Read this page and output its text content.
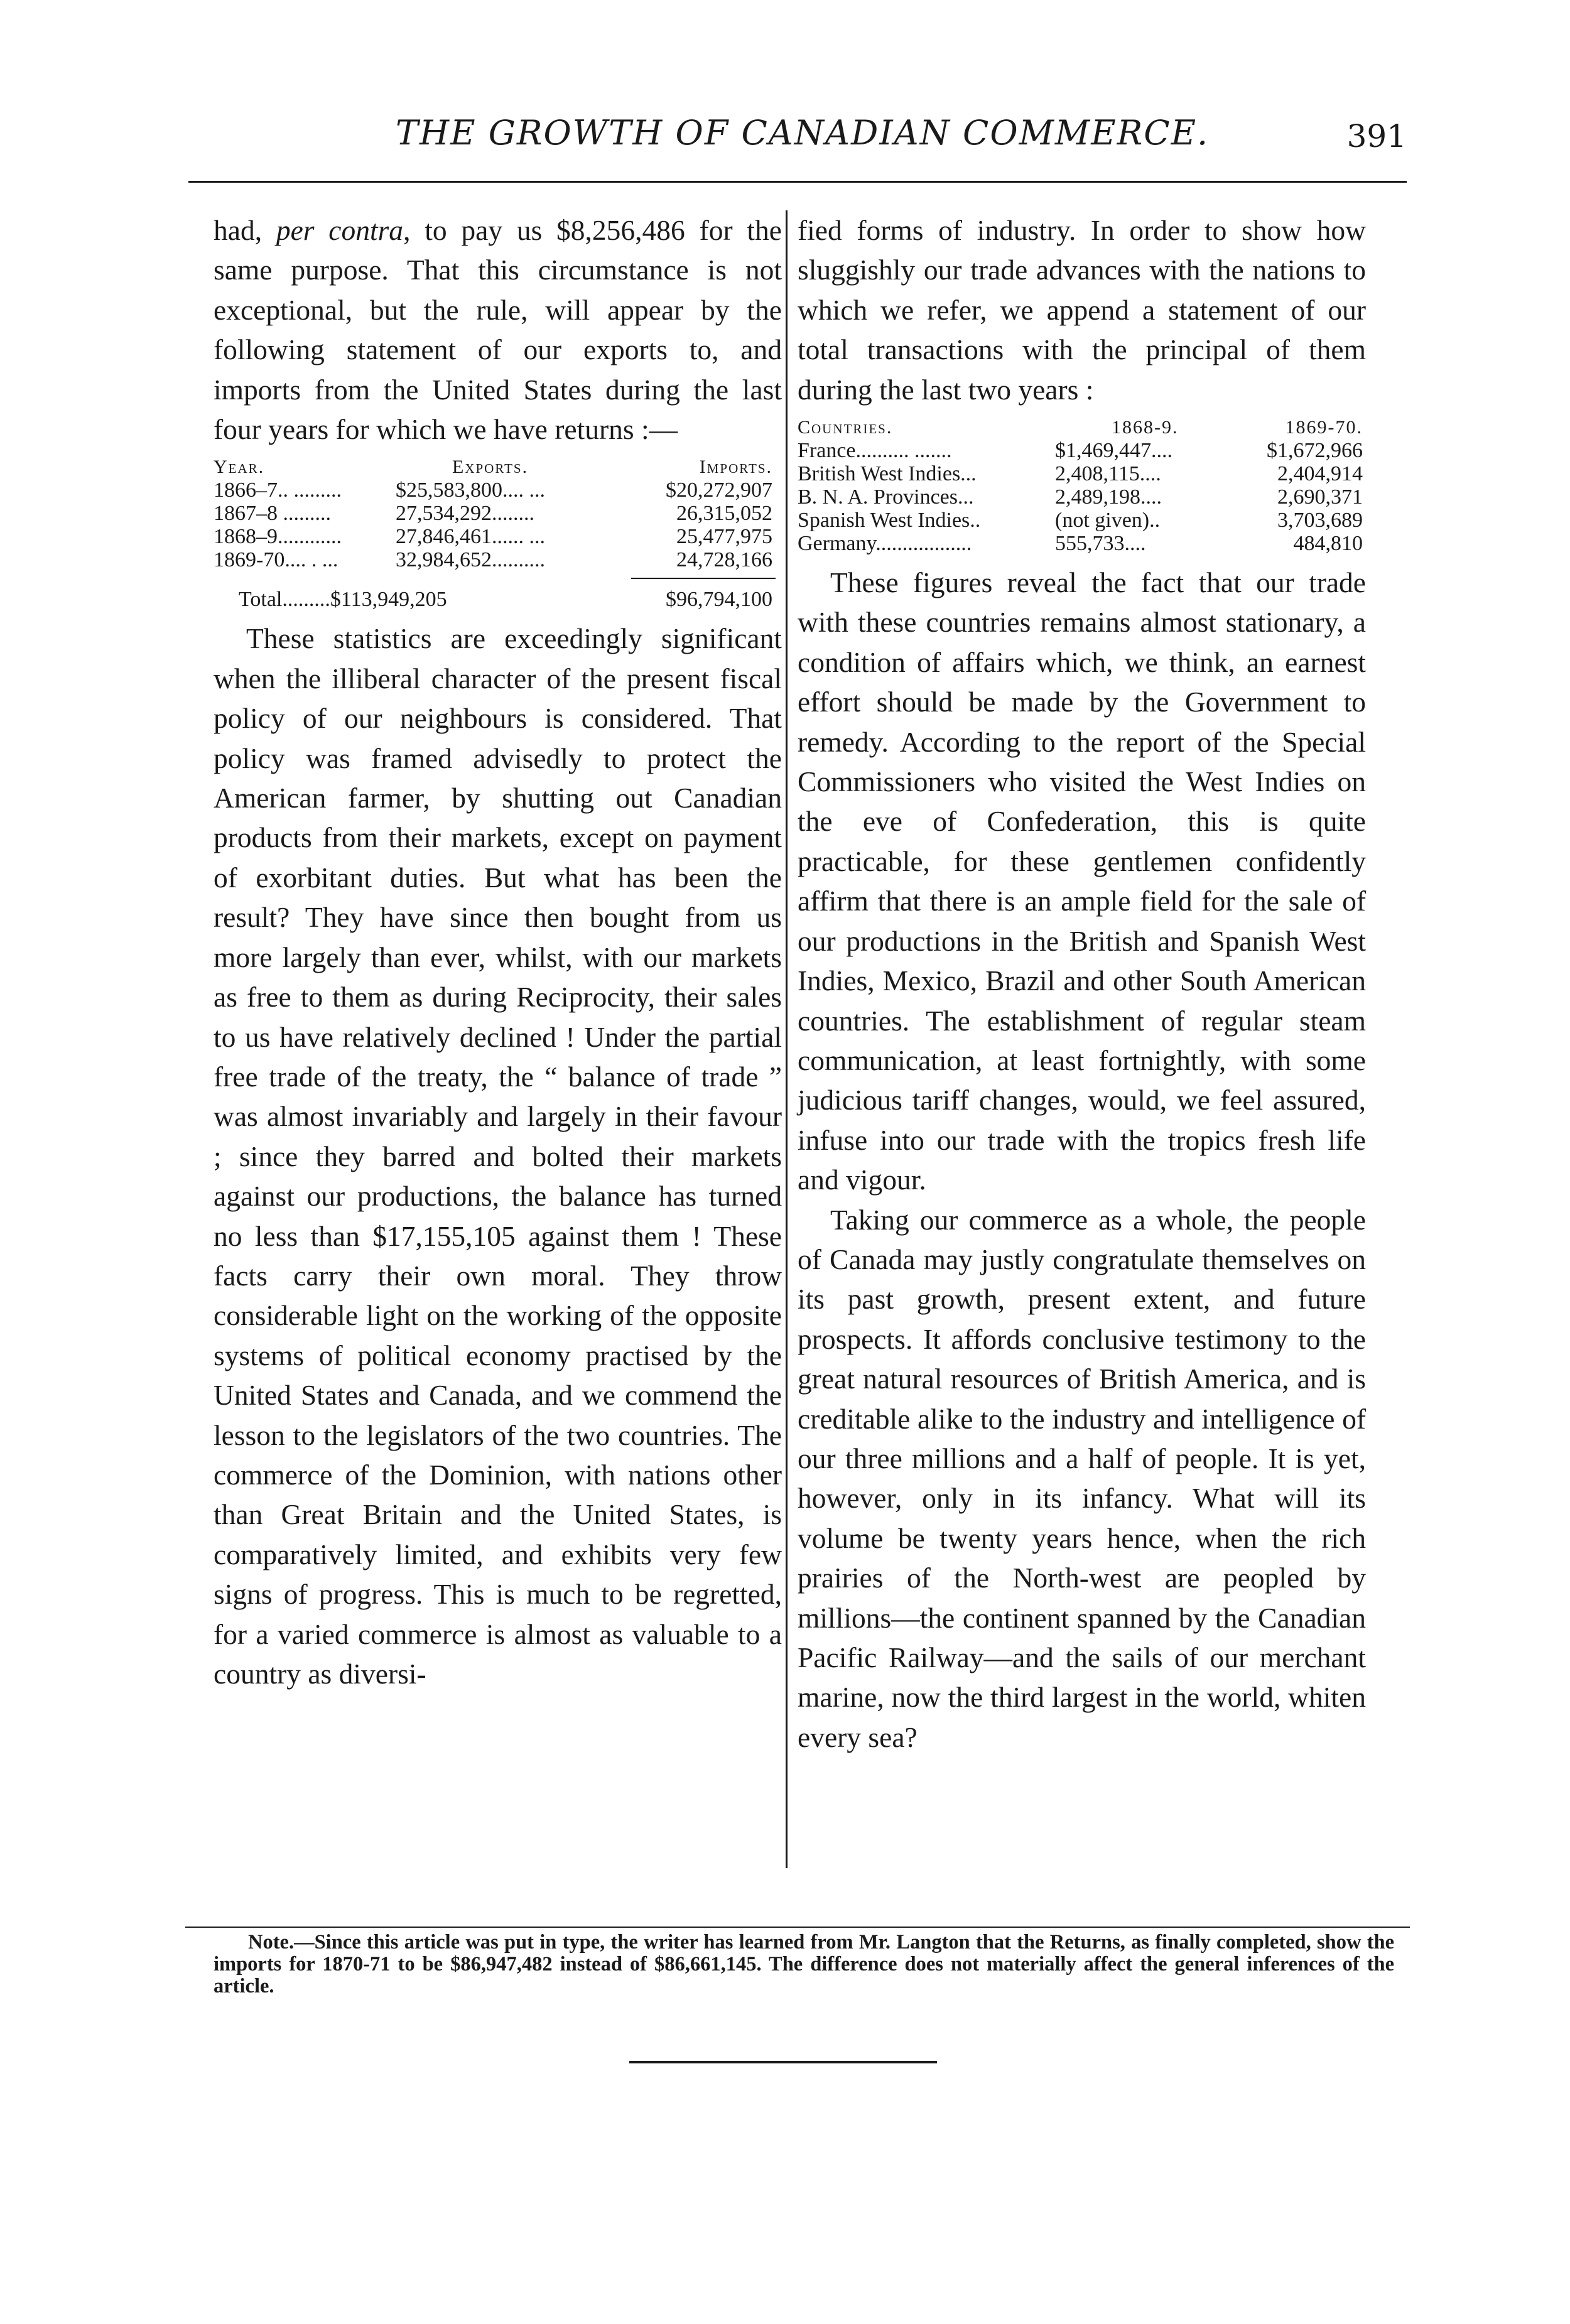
THE GROWTH OF CANADIAN COMMERCE.	391

had, per contra, to pay us $8,256,486 for the same purpose. That this circumstance is not exceptional, but the rule, will appear by the following statement of our exports to, and imports from the United States during the last four years for which we have returns :—

Year.	Exports.	Imports.
1866–7.. .........	$25,583,800.... ...	$20,272,907
1867–8 .........	27,534,292........	26,315,052
1868–9............	27,846,461...... ...	25,477,975
1869-70.... . ...	32,984,652..........	24,728,166
Total.........$113,949,205	$96,794,100

These statistics are exceedingly significant when the illiberal character of the present fiscal policy of our neighbours is considered. That policy was framed advisedly to protect the American farmer, by shutting out Canadian products from their markets, except on payment of exorbitant duties. But what has been the result? They have since then bought from us more largely than ever, whilst, with our markets as free to them as during Reciprocity, their sales to us have relatively declined ! Under the partial free trade of the treaty, the “ balance of trade ” was almost invariably and largely in their favour ; since they barred and bolted their markets against our productions, the balance has turned no less than $17,155,105 against them ! These facts carry their own moral. They throw considerable light on the working of the opposite systems of political economy practised by the United States and Canada, and we commend the lesson to the legislators of the two countries. The commerce of the Dominion, with nations other than Great Britain and the United States, is comparatively limited, and exhibits very few signs of progress. This is much to be regretted, for a varied commerce is almost as valuable to a country as diversi-

fied forms of industry. In order to show how sluggishly our trade advances with the nations to which we refer, we append a statement of our total transactions with the principal of them during the last two years :

Countries.	1868-9.	1869-70.
France.......... .......	$1,469,447....	$1,672,966
British West Indies...	2,408,115....	2,404,914
B. N. A. Provinces...	2,489,198....	2,690,371
Spanish West Indies..	(not given)..	3,703,689
Germany..................	555,733....	484,810

These figures reveal the fact that our trade with these countries remains almost stationary, a condition of affairs which, we think, an earnest effort should be made by the Government to remedy. According to the report of the Special Commissioners who visited the West Indies on the eve of Confederation, this is quite practicable, for these gentlemen confidently affirm that there is an ample field for the sale of our productions in the British and Spanish West Indies, Mexico, Brazil and other South American countries. The establishment of regular steam communication, at least fortnightly, with some judicious tariff changes, would, we feel assured, infuse into our trade with the tropics fresh life and vigour.

Taking our commerce as a whole, the people of Canada may justly congratulate themselves on its past growth, present extent, and future prospects. It affords conclusive testimony to the great natural resources of British America, and is creditable alike to the industry and intelligence of our three millions and a half of people. It is yet, however, only in its infancy. What will its volume be twenty years hence, when the rich prairies of the North-west are peopled by millions—the continent spanned by the Canadian Pacific Railway—and the sails of our merchant marine, now the third largest in the world, whiten every sea?

Note.—Since this article was put in type, the writer has learned from Mr. Langton that the Returns, as finally completed, show the imports for 1870-71 to be $86,947,482 instead of $86,661,145. The difference does not materially affect the general inferences of the article.
